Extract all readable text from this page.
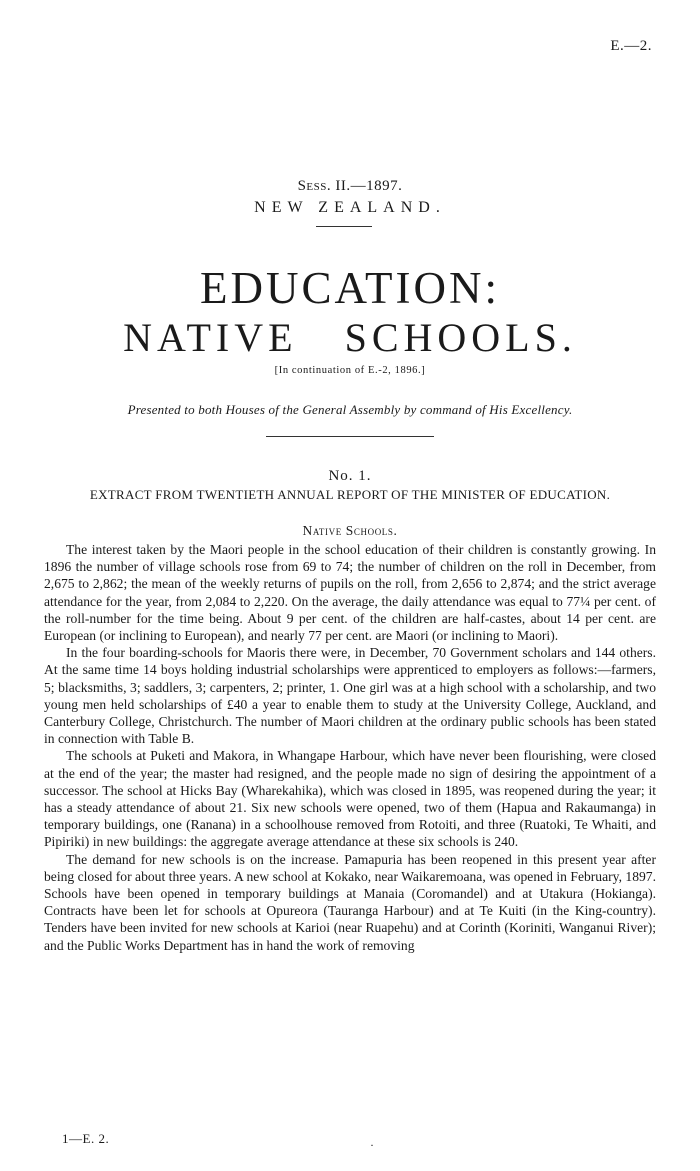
E.—2.
Sess. II.—1897.
NEW ZEALAND.
EDUCATION:
NATIVE SCHOOLS.
[In continuation of E.-2, 1896.]
Presented to both Houses of the General Assembly by command of His Excellency.
No. 1.
EXTRACT FROM TWENTIETH ANNUAL REPORT OF THE MINISTER OF EDUCATION.
Native Schools.

The interest taken by the Maori people in the school education of their children is constantly growing. In 1896 the number of village schools rose from 69 to 74; the number of children on the roll in December, from 2,675 to 2,862; the mean of the weekly returns of pupils on the roll, from 2,656 to 2,874; and the strict average attendance for the year, from 2,084 to 2,220. On the average, the daily attendance was equal to 77¼ per cent. of the roll-number for the time being. About 9 per cent. of the children are half-castes, about 14 per cent. are European (or inclining to European), and nearly 77 per cent. are Maori (or inclining to Maori).

In the four boarding-schools for Maoris there were, in December, 70 Government scholars and 144 others. At the same time 14 boys holding industrial scholarships were apprenticed to employers as follows:—farmers, 5; blacksmiths, 3; saddlers, 3; carpenters, 2; printer, 1. One girl was at a high school with a scholarship, and two young men held scholarships of £40 a year to enable them to study at the University College, Auckland, and Canterbury College, Christchurch. The number of Maori children at the ordinary public schools has been stated in connection with Table B.

The schools at Puketi and Makora, in Whangape Harbour, which have never been flourishing, were closed at the end of the year; the master had resigned, and the people made no sign of desiring the appointment of a successor. The school at Hicks Bay (Wharekahika), which was closed in 1895, was reopened during the year; it has a steady attendance of about 21. Six new schools were opened, two of them (Hapua and Rakaumanga) in temporary buildings, one (Ranana) in a schoolhouse removed from Rotoiti, and three (Ruatoki, Te Whaiti, and Pipiriki) in new buildings: the aggregate average attendance at these six schools is 240.

The demand for new schools is on the increase. Pamapuria has been reopened in this present year after being closed for about three years. A new school at Kokako, near Waikaremoana, was opened in February, 1897. Schools have been opened in temporary buildings at Manaia (Coromandel) and at Utakura (Hokianga). Contracts have been let for schools at Opureora (Tauranga Harbour) and at Te Kuiti (in the King-country). Tenders have been invited for new schools at Karioi (near Ruapehu) and at Corinth (Koriniti, Wanganui River); and the Public Works Department has in hand the work of removing

1—E. 2.	·
